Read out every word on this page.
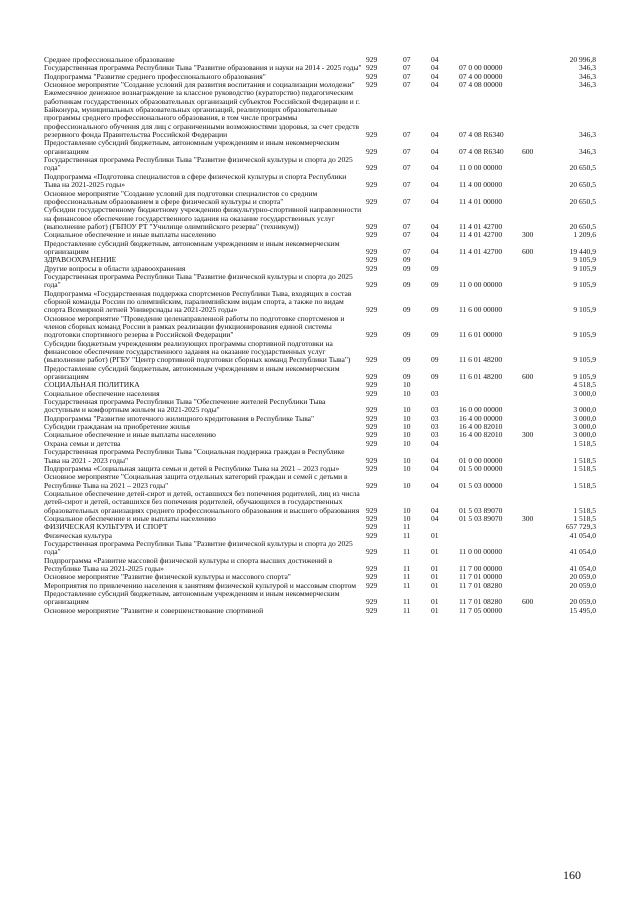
Среднее профессиональное образование	929	07	04			20 996,8
Государственная программа Республики Тыва "Развитие образования и науки на 2014 - 2025 годы"	929	07	04	07 0 00 00000		346,3
Подпрограмма "Развитие среднего профессионального образования"	929	07	04	07 4 00 00000		346,3
Основное мероприятие "Создание условий для развития воспитания и социализации молодежи"	929	07	04	07 4 08 00000		346,3
Ежемесячное денежное вознаграждение за классное руководство (кураторство) педагогическим работникам государственных образовательных организаций субъектов Российской Федерации и г. Байконура, муниципальных образовательных организаций, реализующих образовательные программы среднего профессионального образования, в том числе программы профессионального обучения для лиц с ограниченными возможностями здоровья, за счет средств резервного фонда Правительства Российской Федерации	929	07	04	07 4 08 R6340		346,3
Предоставление субсидий бюджетным, автономным учреждениям и иным некоммерческим организациям	929	07	04	07 4 08 R6340	600	346,3
Государственная программа Республики Тыва "Развитие физической культуры и спорта до 2025 года"	929	07	04	11 0 00 00000		20 650,5
Подпрограмма «Подготовка специалистов в сфере физической культуры и спорта Республики Тыва на 2021-2025 годы»	929	07	04	11 4 00 00000		20 650,5
Основное мероприятие "Создание условий для подготовки специалистов со средним профессиональным образованием в сфере физической культуры и спорта"	929	07	04	11 4 01 00000		20 650,5
Субсидии государственному бюджетному учреждению физкультурно-спортивной направленности на финансовое обеспечение государственного задания на оказание государственных услуг (выполнение работ) (ГБПОУ РТ "Училище олимпийского резерва" (техникум))	929	07	04	11 4 01 42700		20 650,5
Социальное обеспечение и иные выплаты населению	929	07	04	11 4 01 42700	300	1 209,6
Предоставление субсидий бюджетным, автономным учреждениям и иным некоммерческим организациям	929	07	04	11 4 01 42700	600	19 440,9
ЗДРАВООХРАНЕНИЕ	929	09				9 105,9
Другие вопросы в области здравоохранения	929	09	09			9 105,9
Государственная программа Республики Тыва "Развитие физической культуры и спорта до 2025 года"	929	09	09	11 0 00 00000		9 105,9
Подпрограмма «Государственная поддержка спортсменов Республики Тыва, входящих в состав сборной команды России по олимпийским, паралимпийским видам спорта, а также по видам спорта Всемирной летней Универсиады на 2021-2025 годы»	929	09	09	11 6 00 00000		9 105,9
Основное мероприятие "Проведение целенаправленной работы по подготовке спортсменов и членов сборных команд России в рамках реализации функционирования единой системы подготовки спортивного резерва в Российской Федерации"	929	09	09	11 6 01 00000		9 105,9
Субсидии бюджетным учреждениям реализующих программы спортивной подготовки на финансовое обеспечение государственного задания на оказание государственных услуг (выполнение работ) (РГБУ "Центр спортивной подготовки сборных команд Республики Тыва")	929	09	09	11 6 01 48200		9 105,9
Предоставление субсидий бюджетным, автономным учреждениям и иным некоммерческим организациям	929	09	09	11 6 01 48200	600	9 105,9
СОЦИАЛЬНАЯ ПОЛИТИКА	929	10				4 518,5
Социальное обеспечение населения	929	10	03			3 000,0
Государственная программа Республики Тыва "Обеспечение жителей Республики Тыва доступным и комфортным жильем на 2021-2025 годы"	929	10	03	16 0 00 00000		3 000,0
Подпрограмма "Развитие ипотечного жилищного кредитования в Республике Тыва"	929	10	03	16 4 00 00000		3 000,0
Субсидии гражданам на приобретение жилья	929	10	03	16 4 00 82010		3 000,0
Социальное обеспечение и иные выплаты населению	929	10	03	16 4 00 82010	300	3 000,0
Охрана семьи и детства	929	10	04			1 518,5
Государственная программа Республики Тыва "Социальная поддержка граждан в Республике Тыва на 2021 - 2023 годы"	929	10	04	01 0 00 00000		1 518,5
Подпрограмма «Социальная защита семьи и детей в Республике Тыва на 2021 – 2023 годы»	929	10	04	01 5 00 00000		1 518,5
Основное мероприятие "Социальная защита отдельных категорий граждан и семей с детьми в Республике Тыва на 2021 – 2023 годы"	929	10	04	01 5 03 00000		1 518,5
Социальное обеспечение детей-сирот и детей, оставшихся без попечения родителей, лиц из числа детей-сирот и детей, оставшихся без попечения родителей, обучающихся в государственных образовательных организациях среднего профессионального образования и высшего образования	929	10	04	01 5 03 89070		1 518,5
Социальное обеспечение и иные выплаты населению	929	10	04	01 5 03 89070	300	1 518,5
ФИЗИЧЕСКАЯ КУЛЬТУРА И СПОРТ	929	11				657 729,3
Физическая культура	929	11	01			41 054,0
Государственная программа Республики Тыва "Развитие физической культуры и спорта до 2025 года"	929	11	01	11 0 00 00000		41 054,0
Подпрограмма «Развитие массовой физической культуры и спорта высших достижений в Республике Тыва на 2021-2025 годы»	929	11	01	11 7 00 00000		41 054,0
Основное мероприятие "Развитие физической культуры и массового спорта"	929	11	01	11 7 01 00000		20 059,0
Мероприятия по привлечению населения к занятиям физической культурой и массовым спортом	929	11	01	11 7 01 08280		20 059,0
Предоставление субсидий бюджетным, автономным учреждениям и иным некоммерческим организациям	929	11	01	11 7 01 08280	600	20 059,0
Основное мероприятие "Развитие и совершенствование спортивной	929	11	01	11 7 05 00000		15 495,0
160
